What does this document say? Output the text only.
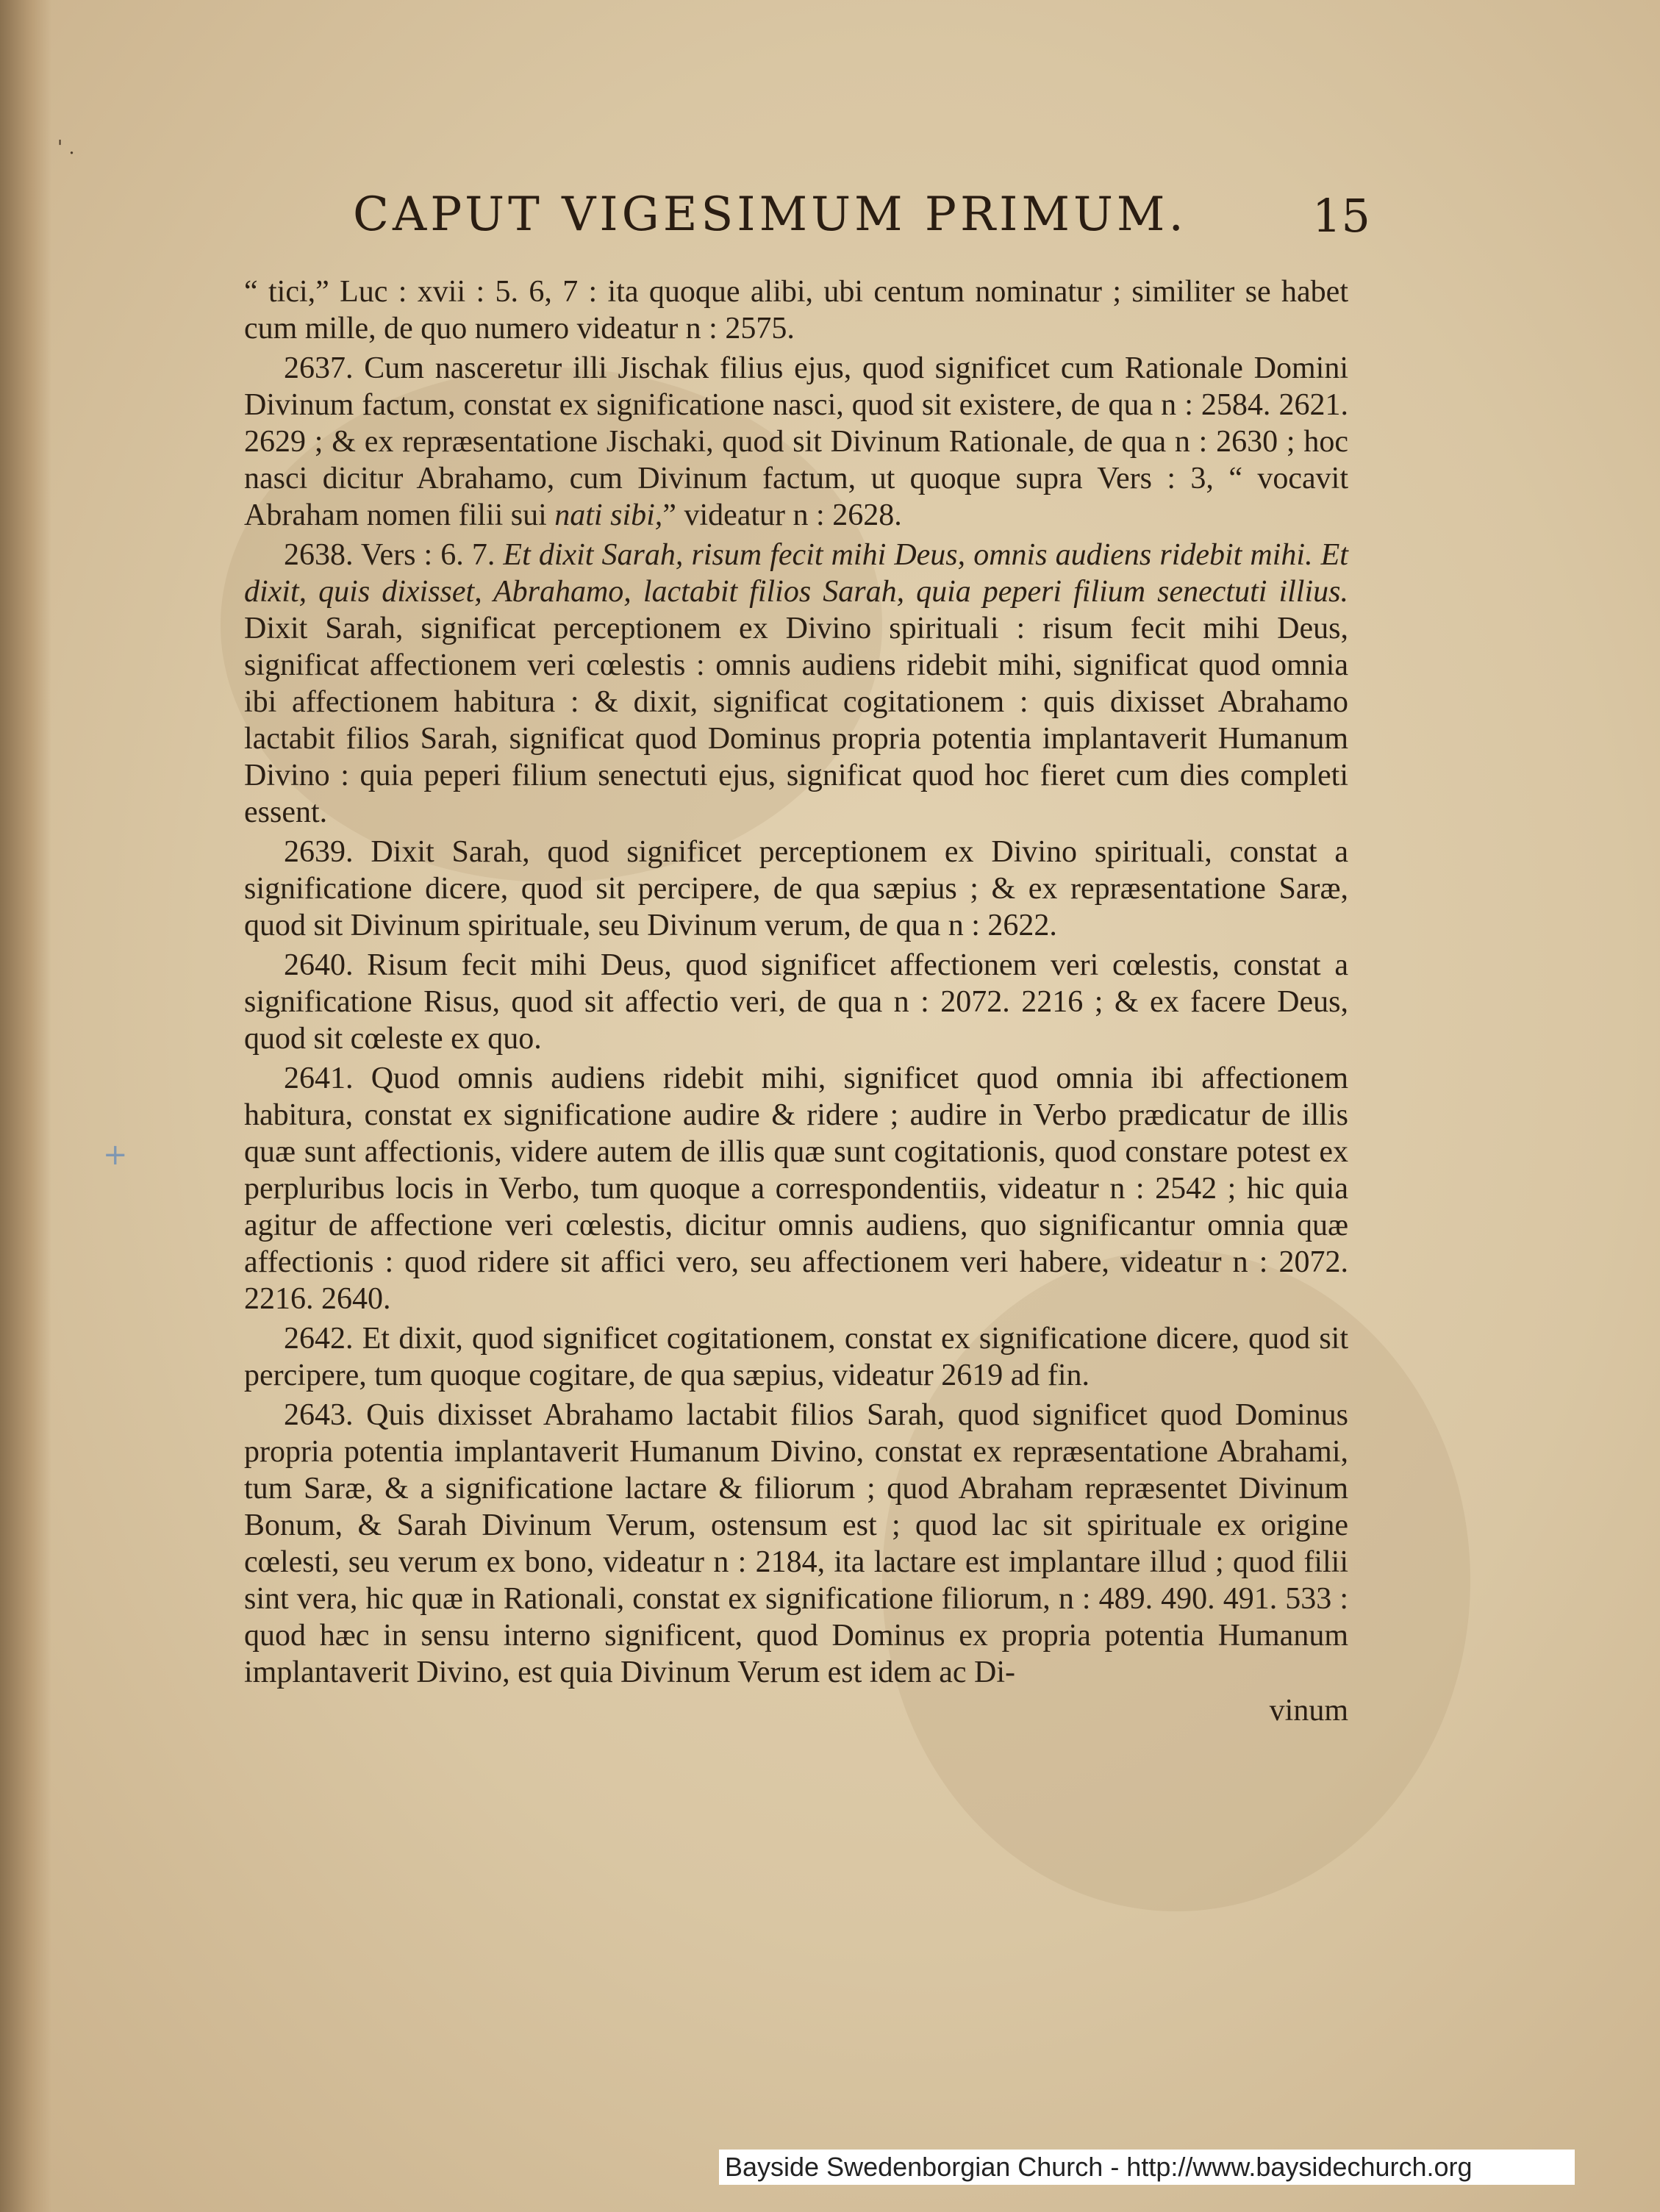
' .
CAPUT VIGESIMUM PRIMUM.	15

“ tici,” Luc : xvii : 5. 6, 7 : ita quoque alibi, ubi centum nominatur ; similiter se habet cum mille, de quo numero videatur n : 2575.

2637. Cum nasceretur illi Jischak filius ejus, quod significet cum Rationale Domini Divinum factum, constat ex significatione nasci, quod sit existere, de qua n : 2584. 2621. 2629 ; & ex repræsentatione Jischaki, quod sit Divinum Rationale, de qua n : 2630 ; hoc nasci dicitur Abrahamo, cum Divinum factum, ut quoque supra Vers : 3, “ vocavit Abraham nomen filii sui nati sibi,” videatur n : 2628.

2638. Vers : 6. 7. Et dixit Sarah, risum fecit mihi Deus, omnis audiens ridebit mihi. Et dixit, quis dixisset, Abrahamo, lactabit filios Sarah, quia peperi filium senectuti illius. Dixit Sarah, significat perceptionem ex Divino spirituali : risum fecit mihi Deus, significat affectionem veri cœlestis : omnis audiens ridebit mihi, significat quod omnia ibi affectionem habitura : & dixit, significat cogitationem : quis dixisset Abrahamo lactabit filios Sarah, significat quod Dominus propria potentia implantaverit Humanum Divino : quia peperi filium senectuti ejus, significat quod hoc fieret cum dies completi essent.

2639. Dixit Sarah, quod significet perceptionem ex Divino spirituali, constat a significatione dicere, quod sit percipere, de qua sæpius ; & ex repræsentatione Saræ, quod sit Divinum spirituale, seu Divinum verum, de qua n : 2622.

2640. Risum fecit mihi Deus, quod significet affectionem veri cœlestis, constat a significatione Risus, quod sit affectio veri, de qua n : 2072. 2216 ; & ex facere Deus, quod sit cœleste ex quo.

2641. Quod omnis audiens ridebit mihi, significet quod omnia ibi affectionem habitura, constat ex significatione audire & ridere ; audire in Verbo prædicatur de illis quæ sunt affectionis, videre autem de illis quæ sunt cogitationis, quod constare potest ex perpluribus locis in Verbo, tum quoque a correspondentiis, videatur n : 2542 ; hic quia agitur de affectione veri cœlestis, dicitur omnis audiens, quo significantur omnia quæ affectionis : quod ridere sit affici vero, seu affectionem veri habere, videatur n : 2072. 2216. 2640.

2642. Et dixit, quod significet cogitationem, constat ex significatione dicere, quod sit percipere, tum quoque cogitare, de qua sæpius, videatur 2619 ad fin.

2643. Quis dixisset Abrahamo lactabit filios Sarah, quod significet quod Dominus propria potentia implantaverit Humanum Divino, constat ex repræsentatione Abrahami, tum Saræ, & a significatione lactare & filiorum ; quod Abraham repræsentet Divinum Bonum, & Sarah Divinum Verum, ostensum est ; quod lac sit spirituale ex origine cœlesti, seu verum ex bono, videatur n : 2184, ita lactare est implantare illud ; quod filii sint vera, hic quæ in Rationali, constat ex significatione filiorum, n : 489. 490. 491. 533 : quod hæc in sensu interno significent, quod Dominus ex propria potentia Humanum implantaverit Divino, est quia Divinum Verum est idem ac Di-

vinum

+
Bayside Swedenborgian Church - http://www.baysidechurch.org
